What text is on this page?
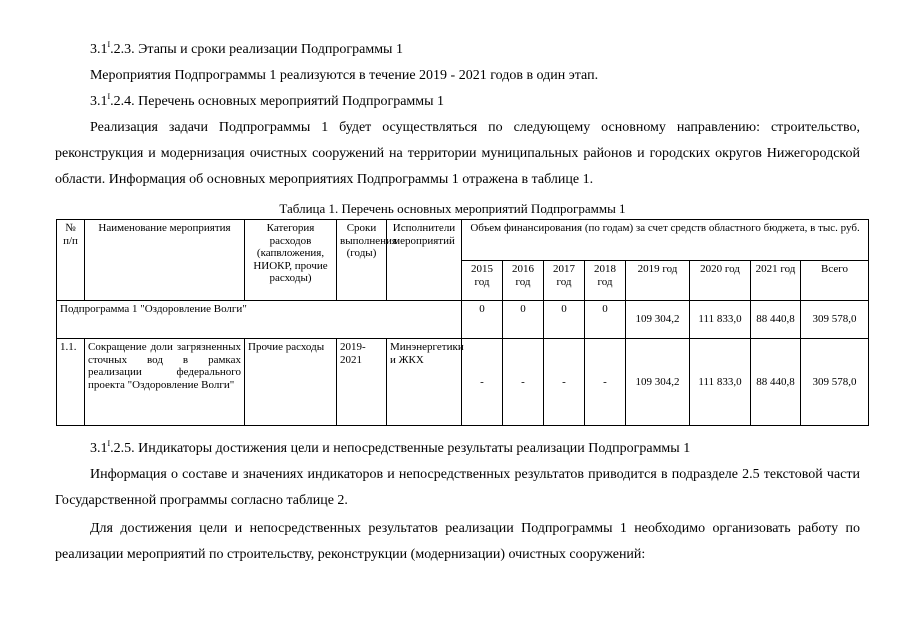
$3.1^I.2.3$. Этапы и сроки реализации Подпрограммы 1

Мероприятия Подпрограммы 1 реализуются в течение 2019 - 2021 годов в один этап.

$3.1^I.2.4$. Перечень основных мероприятий Подпрограммы 1

Реализация задачи Подпрограммы 1 будет осуществляться по следующему основному направлению: строительство, реконструкция и модернизация очистных сооружений на территории муниципальных районов и городских округов Нижегородской области. Информация об основных мероприятиях Подпрограммы 1 отражена в таблице 1.

Таблица 1. Перечень основных мероприятий Подпрограммы 1
№ п/п	Наименование мероприятия	Категория расходов (капвложения, НИОКР, прочие расходы)	Сроки выполнения (годы)	Исполнители мероприятий	Объем финансирования (по годам) за счет средств областного бюджета, в тыс. руб.							
					2015 год	2016 год	2017 год	2018 год	2019 год	2020 год	2021 год	Всего
Подпрограмма 1 "Оздоровление Волги"					0	0	0	0	109 304,2	111 833,0	88 440,8	309 578,0
1.1.	Сокращение доли загрязненных сточных вод в рамках реализации федерального проекта "Оздоровление Волги"	Прочие расходы	2019-2021	Минэнергетики и ЖКХ	-	-	-	-	109 304,2	111 833,0	88 440,8	309 578,0

$3.1^I.2.5$. Индикаторы достижения цели и непосредственные результаты реализации Подпрограммы 1

Информация о составе и значениях индикаторов и непосредственных результатов приводится в подразделе 2.5 текстовой части Государственной программы согласно таблице 2.

Для достижения цели и непосредственных результатов реализации Подпрограммы 1 необходимо организовать работу по реализации мероприятий по строительству, реконструкции (модернизации) очистных сооружений:
